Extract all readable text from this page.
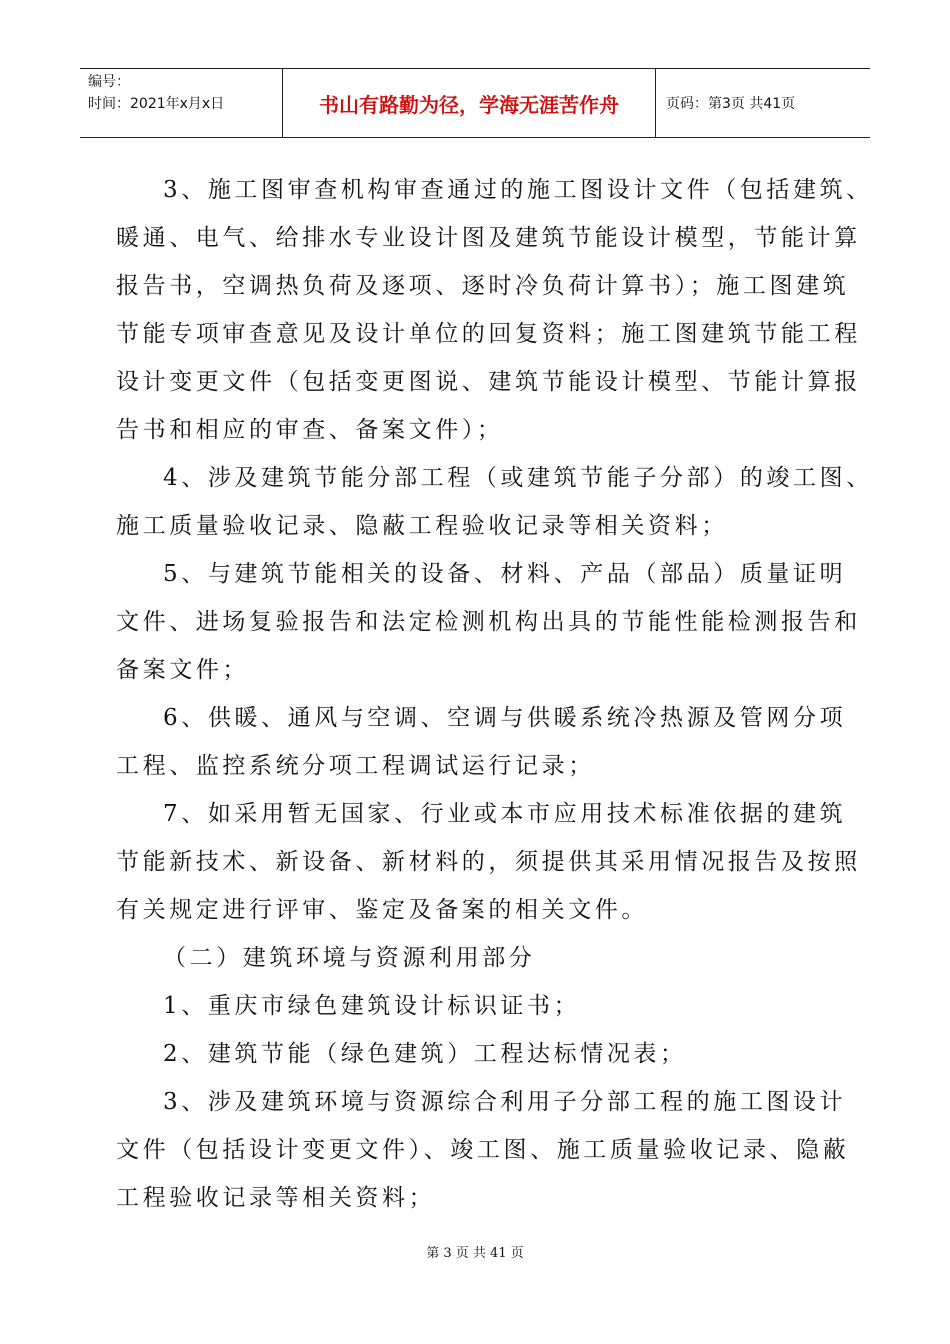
编号：
时间：2021年x月x日	书山有路勤为径，学海无涯苦作舟	页码：第3页 共41页
3、施工图审查机构审查通过的施工图设计文件（包括建筑、
暖通、电气、给排水专业设计图及建筑节能设计模型，节能计算
报告书，空调热负荷及逐项、逐时冷负荷计算书）；施工图建筑
节能专项审查意见及设计单位的回复资料；施工图建筑节能工程
设计变更文件（包括变更图说、建筑节能设计模型、节能计算报
告书和相应的审查、备案文件）；
4、涉及建筑节能分部工程（或建筑节能子分部）的竣工图、
施工质量验收记录、隐蔽工程验收记录等相关资料；
5、与建筑节能相关的设备、材料、产品（部品）质量证明
文件、进场复验报告和法定检测机构出具的节能性能检测报告和
备案文件；
6、供暖、通风与空调、空调与供暖系统冷热源及管网分项
工程、监控系统分项工程调试运行记录；
7、如采用暂无国家、行业或本市应用技术标准依据的建筑
节能新技术、新设备、新材料的，须提供其采用情况报告及按照
有关规定进行评审、鉴定及备案的相关文件。
（二）建筑环境与资源利用部分
1、重庆市绿色建筑设计标识证书；
2、建筑节能（绿色建筑）工程达标情况表；
3、涉及建筑环境与资源综合利用子分部工程的施工图设计
文件（包括设计变更文件）、竣工图、施工质量验收记录、隐蔽
工程验收记录等相关资料；
第 3 页 共 41 页
